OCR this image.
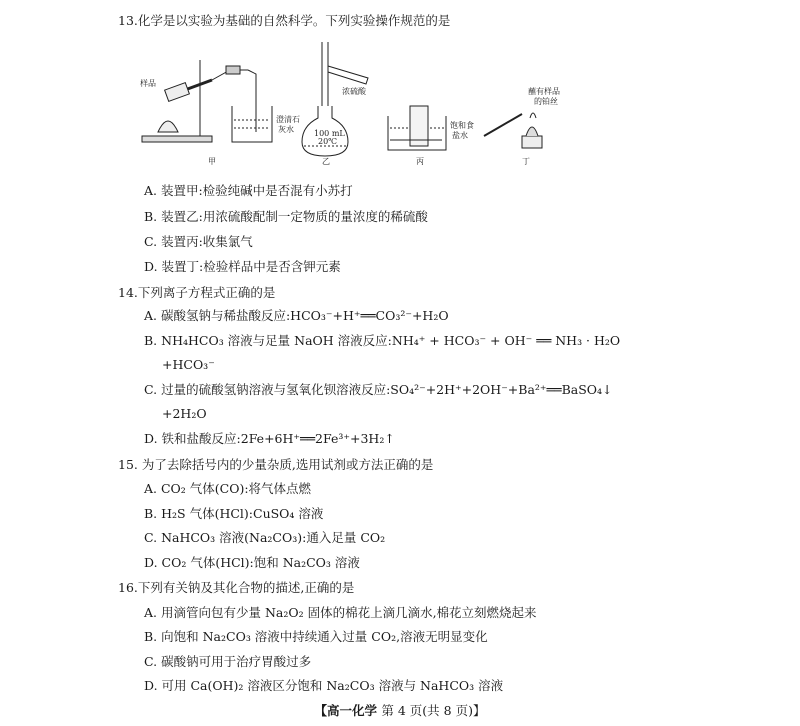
13.化学是以实验为基础的自然科学。下列实验操作规范的是
样品
澄清石
灰水
甲
浓硫酸
100 mL
20℃
乙
饱和食
盐水
丙
蘸有样品
的铂丝
丁
A. 装置甲:检验纯碱中是否混有小苏打
B. 装置乙:用浓硫酸配制一定物质的量浓度的稀硫酸
C. 装置丙:收集氯气
D. 装置丁:检验样品中是否含钾元素
14.下列离子方程式正确的是
A. 碳酸氢钠与稀盐酸反应:HCO₃⁻+H⁺══CO₃²⁻+H₂O
B. NH₄HCO₃ 溶液与足量 NaOH 溶液反应:NH₄⁺ + HCO₃⁻ + OH⁻ ══ NH₃ · H₂O
+HCO₃⁻
C. 过量的硫酸氢钠溶液与氢氧化钡溶液反应:SO₄²⁻+2H⁺+2OH⁻+Ba²⁺══BaSO₄↓
+2H₂O
D. 铁和盐酸反应:2Fe+6H⁺══2Fe³⁺+3H₂↑
15. 为了去除括号内的少量杂质,选用试剂或方法正确的是
A. CO₂ 气体(CO):将气体点燃
B. H₂S 气体(HCl):CuSO₄ 溶液
C. NaHCO₃ 溶液(Na₂CO₃):通入足量 CO₂
D. CO₂ 气体(HCl):饱和 Na₂CO₃ 溶液
16.下列有关钠及其化合物的描述,正确的是
A. 用滴管向包有少量 Na₂O₂ 固体的棉花上滴几滴水,棉花立刻燃烧起来
B. 向饱和 Na₂CO₃ 溶液中持续通入过量 CO₂,溶液无明显变化
C. 碳酸钠可用于治疗胃酸过多
D. 可用 Ca(OH)₂ 溶液区分饱和 Na₂CO₃ 溶液与 NaHCO₃ 溶液
【高一化学 第 4 页(共 8 页)】
